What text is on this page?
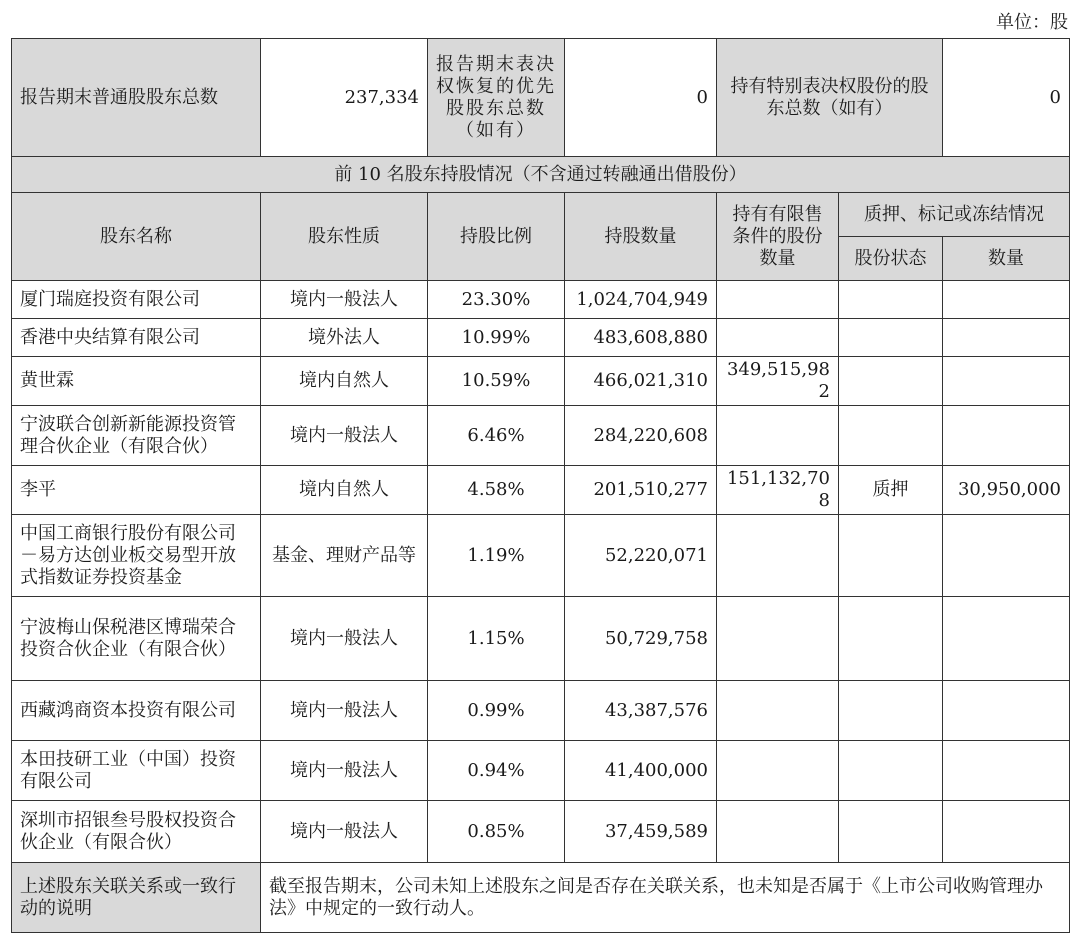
单位：股
报告期末普通股股东总数	237,334	报告期末表决权恢复的优先股股东总数（如有）	0	持有特别表决权股份的股东总数（如有）		0
前 10 名股东持股情况（不含通过转融通出借股份）						
股东名称	股东性质	持股比例	持股数量	持有有限售条件的股份数量	质押、标记或冻结情况	
					股份状态	数量
厦门瑞庭投资有限公司	境内一般法人	23.30%	1,024,704,949			
香港中央结算有限公司	境外法人	10.99%	483,608,880			
黄世霖	境内自然人	10.59%	466,021,310	349,515,982		
宁波联合创新新能源投资管理合伙企业（有限合伙）	境内一般法人	6.46%	284,220,608			
李平	境内自然人	4.58%	201,510,277	151,132,708	质押	30,950,000
中国工商银行股份有限公司－易方达创业板交易型开放式指数证券投资基金	基金、理财产品等	1.19%	52,220,071			
宁波梅山保税港区博瑞荣合投资合伙企业（有限合伙）	境内一般法人	1.15%	50,729,758			
西藏鸿商资本投资有限公司	境内一般法人	0.99%	43,387,576			
本田技研工业（中国）投资有限公司	境内一般法人	0.94%	41,400,000			
深圳市招银叁号股权投资合伙企业（有限合伙）	境内一般法人	0.85%	37,459,589			
上述股东关联关系或一致行动的说明	截至报告期末，公司未知上述股东之间是否存在关联关系，也未知是否属于《上市公司收购管理办法》中规定的一致行动人。					
